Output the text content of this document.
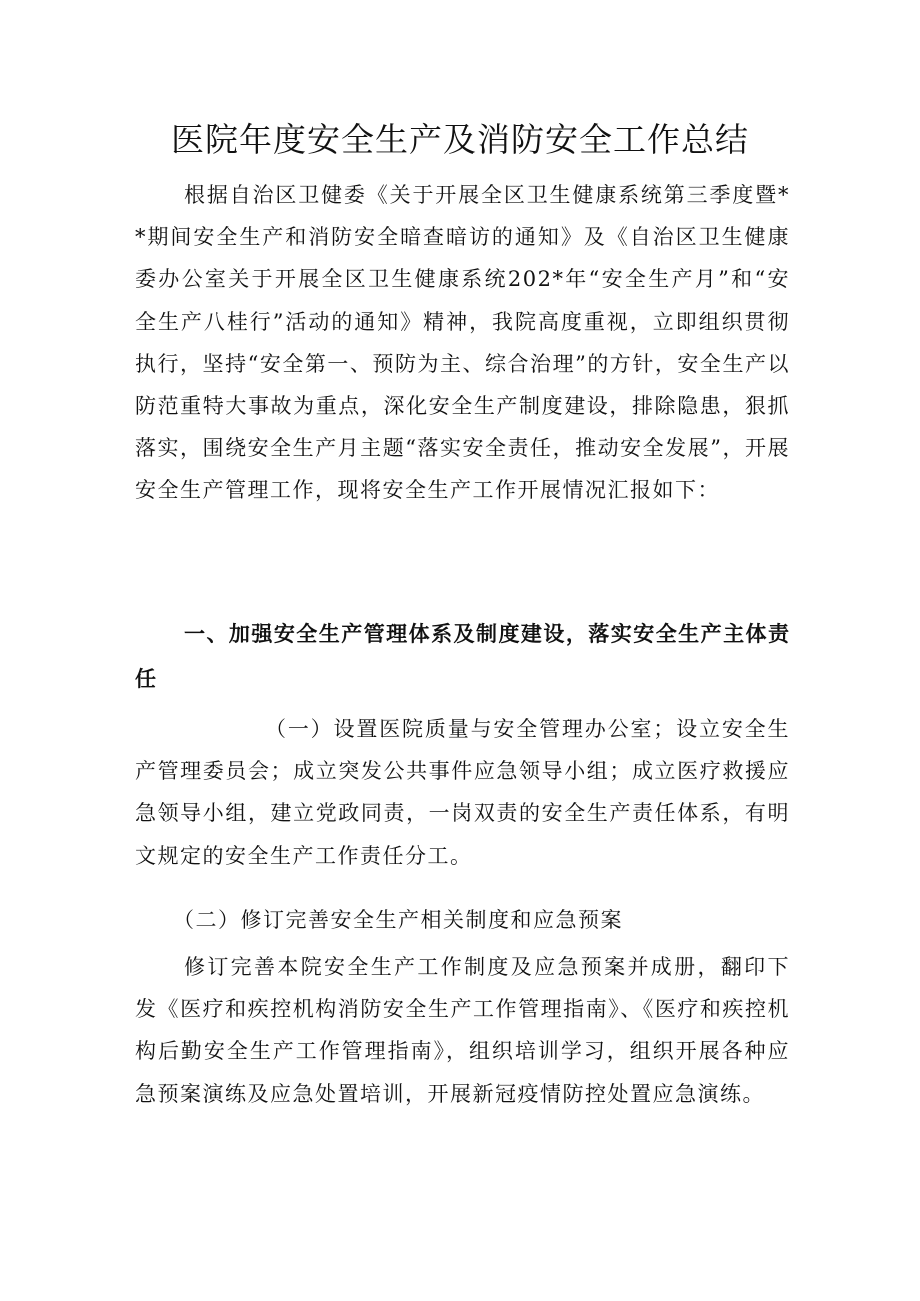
医院年度安全生产及消防安全工作总结

根据自治区卫健委《关于开展全区卫生健康系统第三季度暨**期间安全生产和消防安全暗查暗访的通知》及《自治区卫生健康委办公室关于开展全区卫生健康系统202*年“安全生产月”和“安全生产八桂行”活动的通知》精神，我院高度重视，立即组织贯彻执行，坚持“安全第一、预防为主、综合治理”的方针，安全生产以防范重特大事故为重点，深化安全生产制度建设，排除隐患，狠抓落实，围绕安全生产月主题“落实安全责任，推动安全发展”，开展安全生产管理工作，现将安全生产工作开展情况汇报如下：

一、加强安全生产管理体系及制度建设，落实安全生产主体责任

（一）设置医院质量与安全管理办公室；设立安全生产管理委员会；成立突发公共事件应急领导小组；成立医疗救援应急领导小组，建立党政同责，一岗双责的安全生产责任体系，有明文规定的安全生产工作责任分工。

（二）修订完善安全生产相关制度和应急预案

修订完善本院安全生产工作制度及应急预案并成册，翻印下发《医疗和疾控机构消防安全生产工作管理指南》、《医疗和疾控机构后勤安全生产工作管理指南》，组织培训学习，组织开展各种应急预案演练及应急处置培训，开展新冠疫情防控处置应急演练。
